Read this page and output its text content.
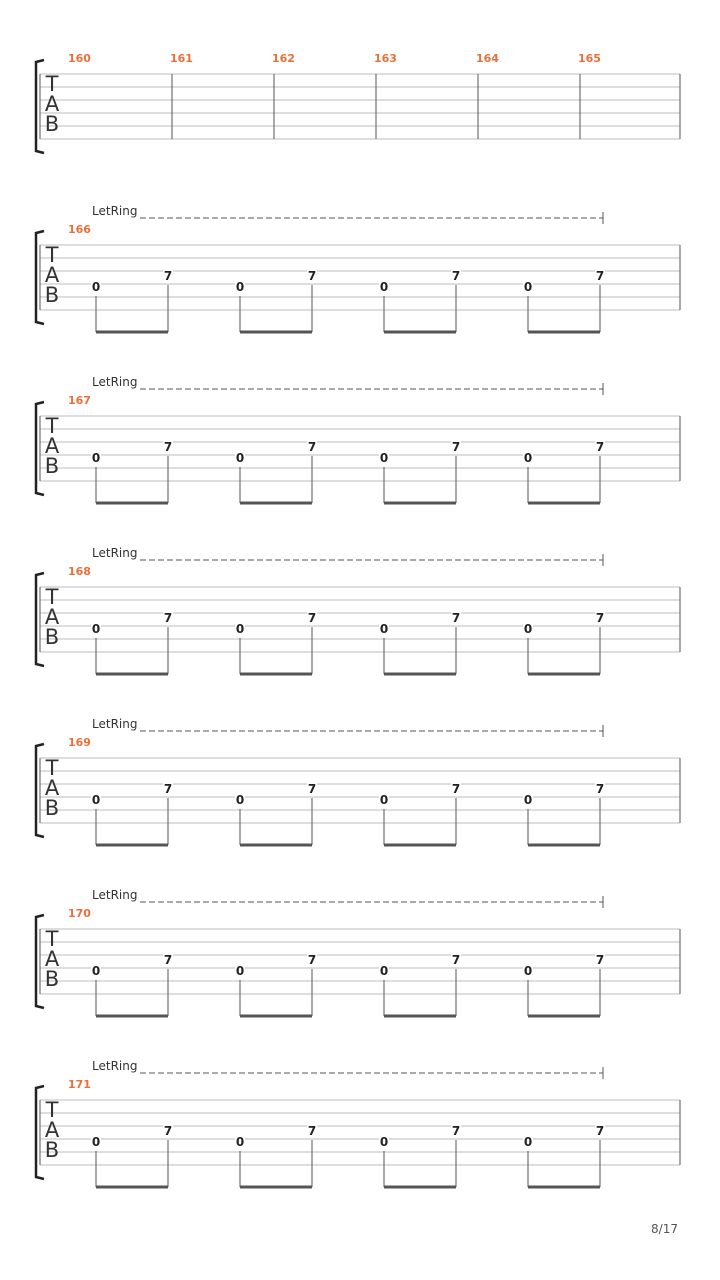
T
A
B
160	161	162	163	164	165
T
A
B
LetRing
166
0
7
0
7
0
7
0
7
T
A
B
LetRing
167
0
7
0
7
0
7
0
7
T
A
B
LetRing
168
0
7
0
7
0
7
0
7
T
A
B
LetRing
169
0
7
0
7
0
7
0
7
T
A
B
LetRing
170
0
7
0
7
0
7
0
7
T
A
B
LetRing
171
0
7
0
7
0
7
0
7
8/17
